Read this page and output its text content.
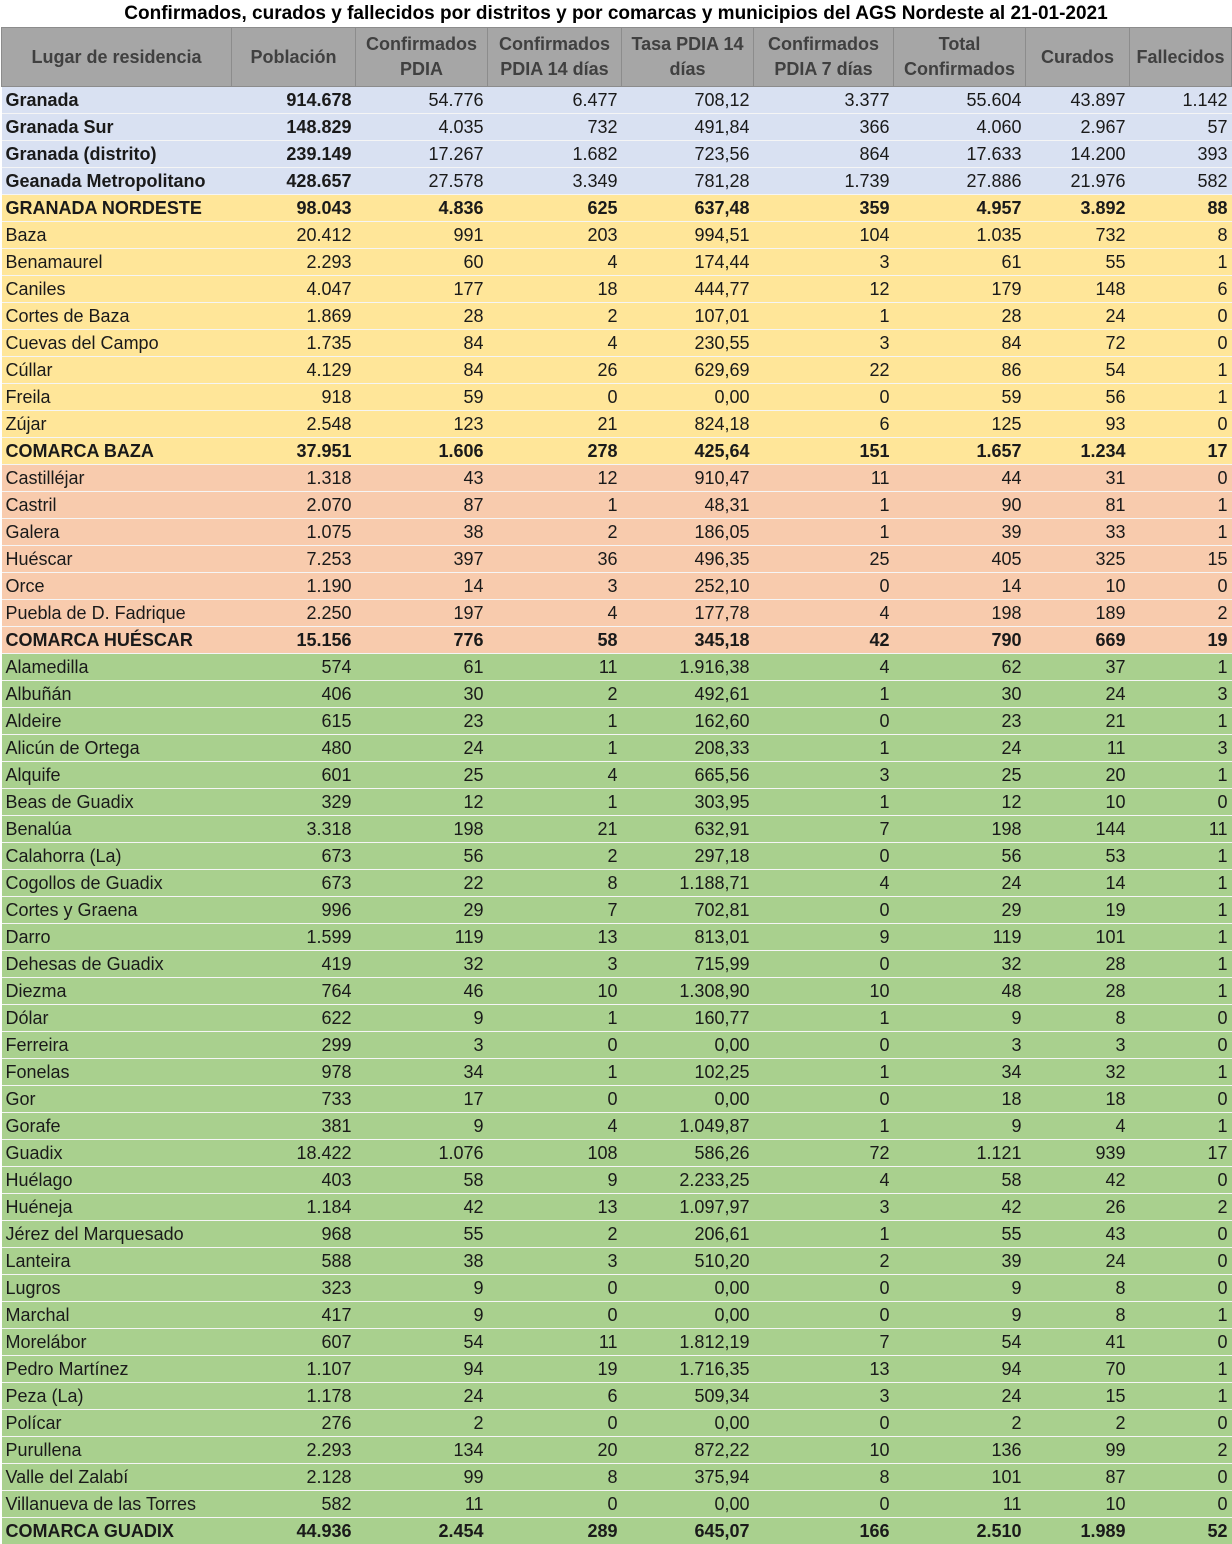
Confirmados, curados y fallecidos por distritos y por comarcas y municipios del AGS Nordeste al 21-01-2021
Lugar de residencia	Población	Confirmados PDIA	Confirmados PDIA 14 días	Tasa PDIA 14 días	Confirmados PDIA 7 días	Total Confirmados	Curados	Fallecidos
Granada	914.678	54.776	6.477	708,12	3.377	55.604	43.897	1.142
Granada Sur	148.829	4.035	732	491,84	366	4.060	2.967	57
Granada (distrito)	239.149	17.267	1.682	723,56	864	17.633	14.200	393
Geanada Metropolitano	428.657	27.578	3.349	781,28	1.739	27.886	21.976	582
GRANADA NORDESTE	98.043	4.836	625	637,48	359	4.957	3.892	88
Baza	20.412	991	203	994,51	104	1.035	732	8
Benamaurel	2.293	60	4	174,44	3	61	55	1
Caniles	4.047	177	18	444,77	12	179	148	6
Cortes de Baza	1.869	28	2	107,01	1	28	24	0
Cuevas del Campo	1.735	84	4	230,55	3	84	72	0
Cúllar	4.129	84	26	629,69	22	86	54	1
Freila	918	59	0	0,00	0	59	56	1
Zújar	2.548	123	21	824,18	6	125	93	0
COMARCA BAZA	37.951	1.606	278	425,64	151	1.657	1.234	17
Castilléjar	1.318	43	12	910,47	11	44	31	0
Castril	2.070	87	1	48,31	1	90	81	1
Galera	1.075	38	2	186,05	1	39	33	1
Huéscar	7.253	397	36	496,35	25	405	325	15
Orce	1.190	14	3	252,10	0	14	10	0
Puebla de D. Fadrique	2.250	197	4	177,78	4	198	189	2
COMARCA HUÉSCAR	15.156	776	58	345,18	42	790	669	19
Alamedilla	574	61	11	1.916,38	4	62	37	1
Albuñán	406	30	2	492,61	1	30	24	3
Aldeire	615	23	1	162,60	0	23	21	1
Alicún de Ortega	480	24	1	208,33	1	24	11	3
Alquife	601	25	4	665,56	3	25	20	1
Beas de Guadix	329	12	1	303,95	1	12	10	0
Benalúa	3.318	198	21	632,91	7	198	144	11
Calahorra (La)	673	56	2	297,18	0	56	53	1
Cogollos de Guadix	673	22	8	1.188,71	4	24	14	1
Cortes y Graena	996	29	7	702,81	0	29	19	1
Darro	1.599	119	13	813,01	9	119	101	1
Dehesas de Guadix	419	32	3	715,99	0	32	28	1
Diezma	764	46	10	1.308,90	10	48	28	1
Dólar	622	9	1	160,77	1	9	8	0
Ferreira	299	3	0	0,00	0	3	3	0
Fonelas	978	34	1	102,25	1	34	32	1
Gor	733	17	0	0,00	0	18	18	0
Gorafe	381	9	4	1.049,87	1	9	4	1
Guadix	18.422	1.076	108	586,26	72	1.121	939	17
Huélago	403	58	9	2.233,25	4	58	42	0
Huéneja	1.184	42	13	1.097,97	3	42	26	2
Jérez del Marquesado	968	55	2	206,61	1	55	43	0
Lanteira	588	38	3	510,20	2	39	24	0
Lugros	323	9	0	0,00	0	9	8	0
Marchal	417	9	0	0,00	0	9	8	1
Morelábor	607	54	11	1.812,19	7	54	41	0
Pedro Martínez	1.107	94	19	1.716,35	13	94	70	1
Peza (La)	1.178	24	6	509,34	3	24	15	1
Polícar	276	2	0	0,00	0	2	2	0
Purullena	2.293	134	20	872,22	10	136	99	2
Valle del Zalabí	2.128	99	8	375,94	8	101	87	0
Villanueva de las Torres	582	11	0	0,00	0	11	10	0
COMARCA GUADIX	44.936	2.454	289	645,07	166	2.510	1.989	52
